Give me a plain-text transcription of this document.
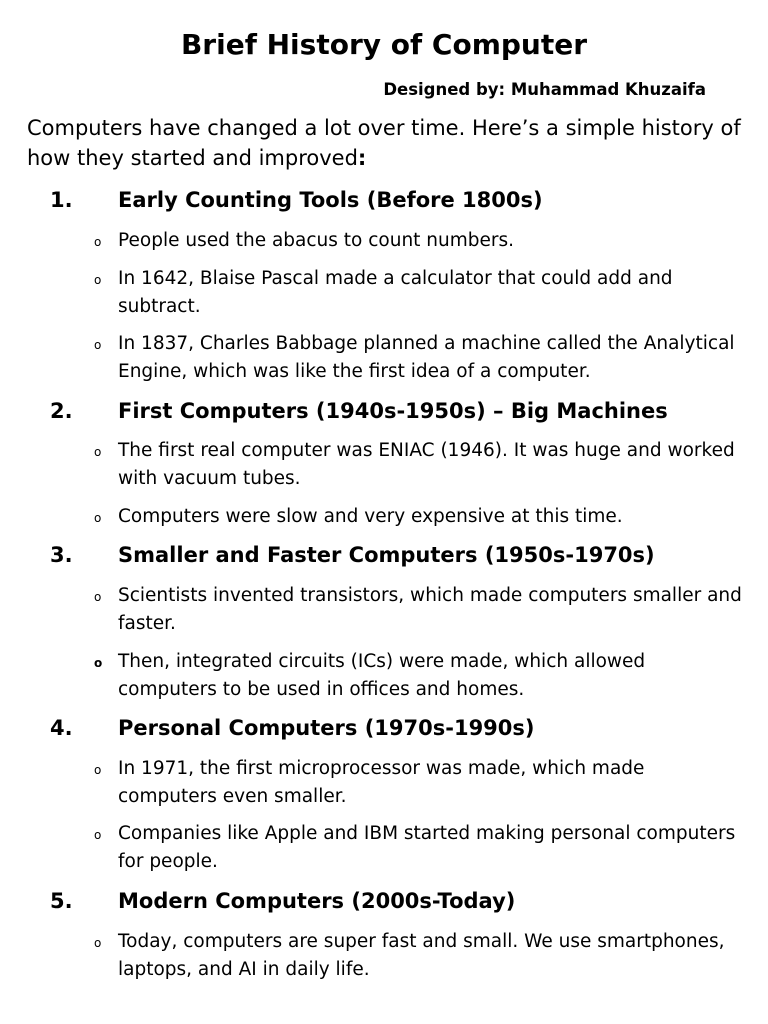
Brief History of Computer
Designed by: Muhammad Khuzaifa
Computers have changed a lot over time. Here’s a simple history of how they started and improved:
1. Early Counting Tools (Before 1800s)
o People used the abacus to count numbers.
o In 1642, Blaise Pascal made a calculator that could add and subtract.
o In 1837, Charles Babbage planned a machine called the Analytical Engine, which was like the first idea of a computer.
2. First Computers (1940s-1950s) – Big Machines
o The first real computer was ENIAC (1946). It was huge and worked with vacuum tubes.
o Computers were slow and very expensive at this time.
3. Smaller and Faster Computers (1950s-1970s)
o Scientists invented transistors, which made computers smaller and faster.
o Then, integrated circuits (ICs) were made, which allowed computers to be used in offices and homes.
4. Personal Computers (1970s-1990s)
o In 1971, the first microprocessor was made, which made computers even smaller.
o Companies like Apple and IBM started making personal computers for people.
5. Modern Computers (2000s-Today)
o Today, computers are super fast and small. We use smartphones, laptops, and AI in daily life.
